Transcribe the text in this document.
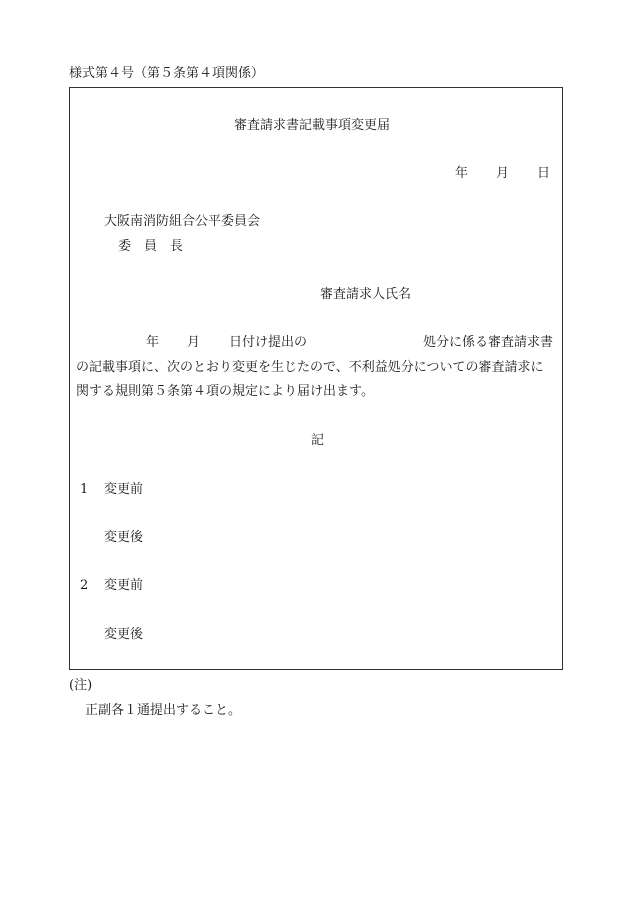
様式第４号（第５条第４項関係）
審査請求書記載事項変更届
年 月 日
大阪南消防組合公平委員会
委　員　長
審査請求人氏名
年 月 日付け提出の	処分に係る審査請求書
の記載事項に、次のとおり変更を生じたので、不利益処分についての審査請求に
関する規則第５条第４項の規定により届け出ます。
記
1 変更前
変更後
2 変更前
変更後
(注)
正副各１通提出すること。
